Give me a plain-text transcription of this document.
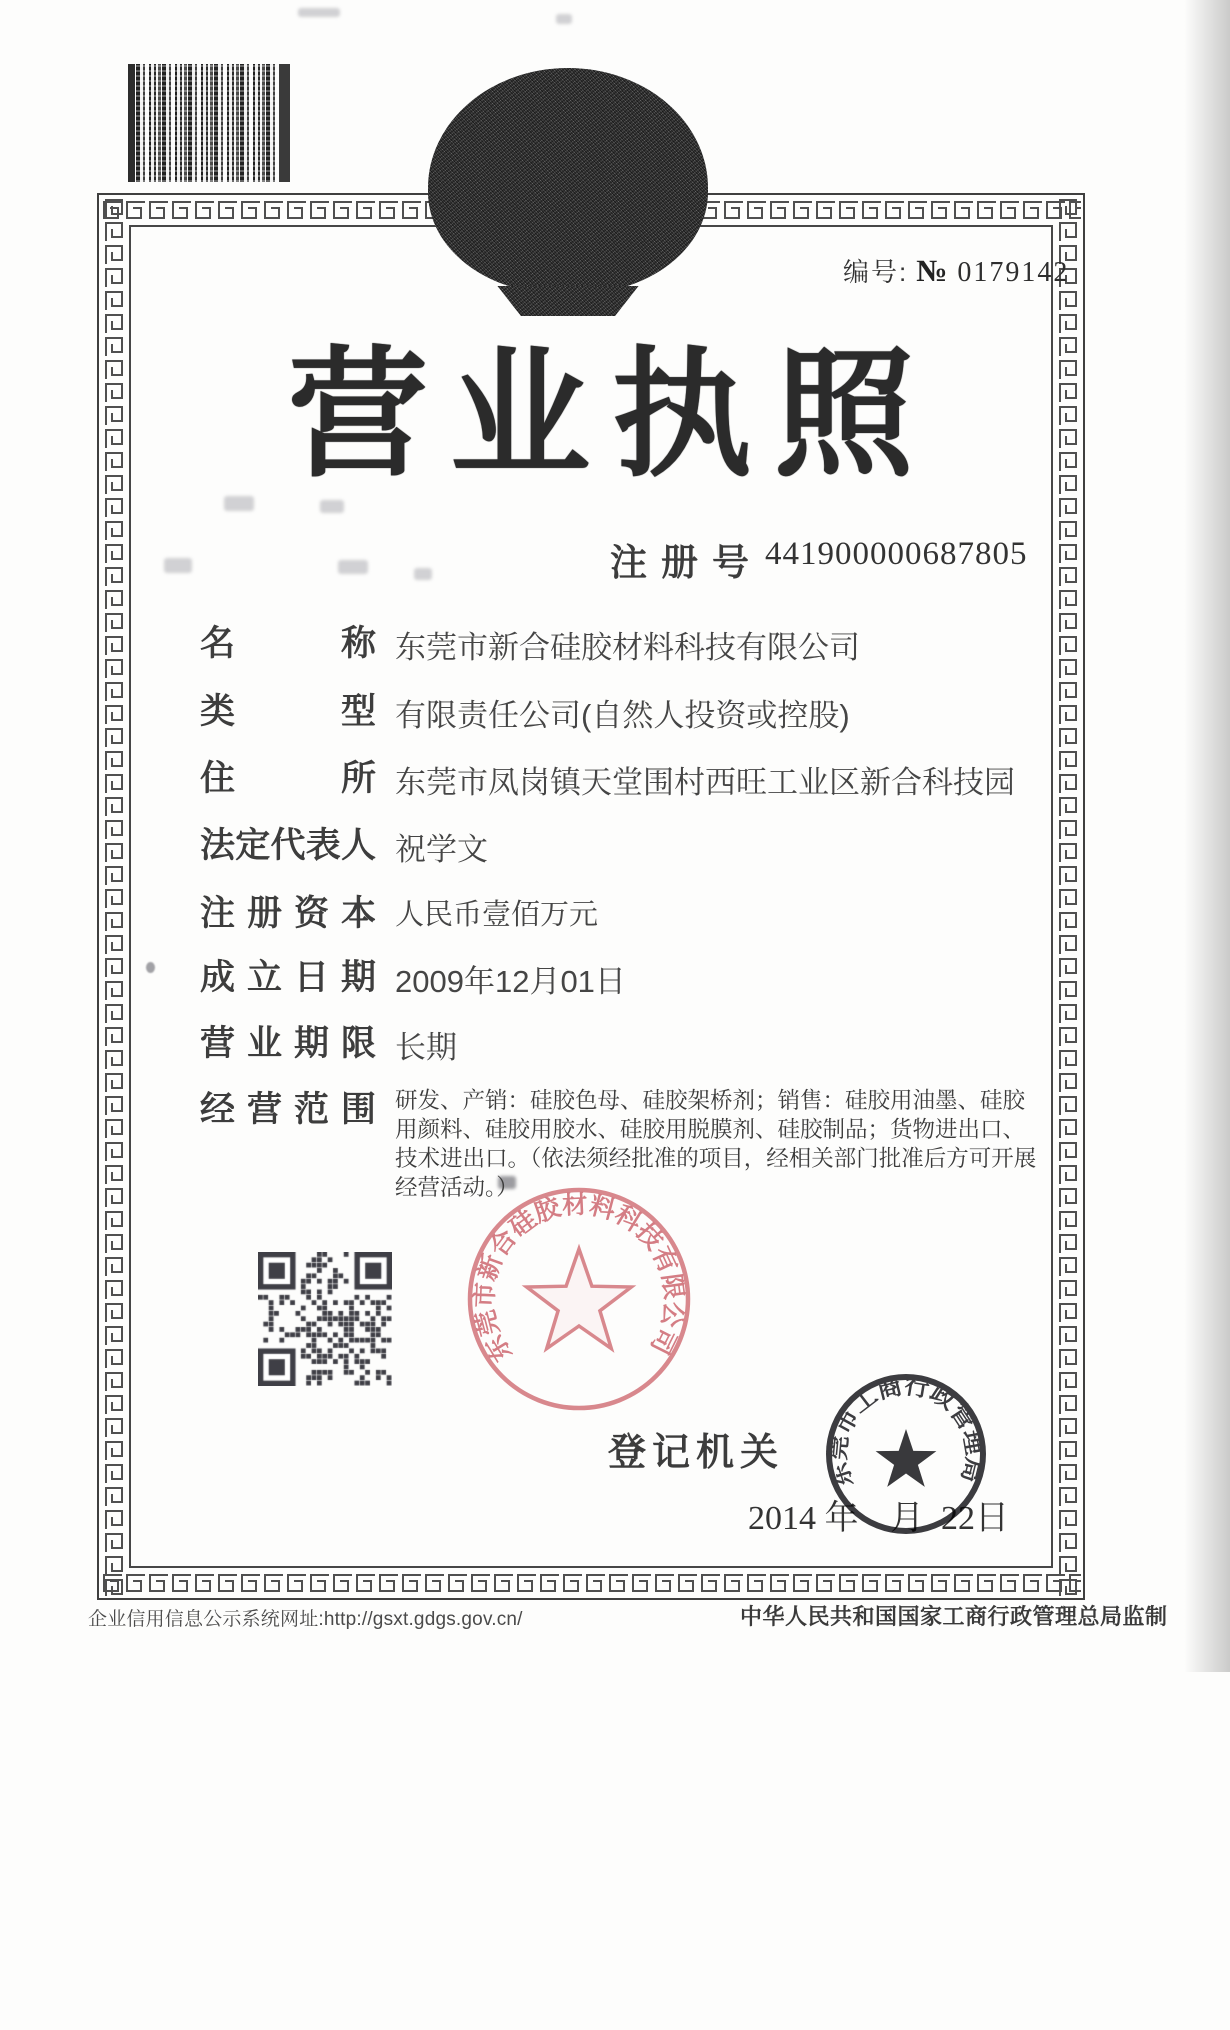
编号: № 0179142
营业执照
注册号 441900000687805
名称 东莞市新合硅胶材料科技有限公司
类型 有限责任公司(自然人投资或控股)
住所 东莞市凤岗镇天堂围村西旺工业区新合科技园
法定代表人 祝学文
注册资本 人民币壹佰万元
成立日期 2009年12月01日
营业期限 长期
经营范围 研发、产销：硅胶色母、硅胶架桥剂；销售：硅胶用油墨、硅胶用颜料、硅胶用胶水、硅胶用脱膜剂、硅胶制品；货物进出口、技术进出口。（依法须经批准的项目，经相关部门批准后方可开展经营活动。）
登记机关
2014 年 月 22日
东莞市新合硅胶材料科技有限公司
东莞市工商行政管理局
企业信用信息公示系统网址:http://gsxt.gdgs.gov.cn/	中华人民共和国国家工商行政管理总局监制
